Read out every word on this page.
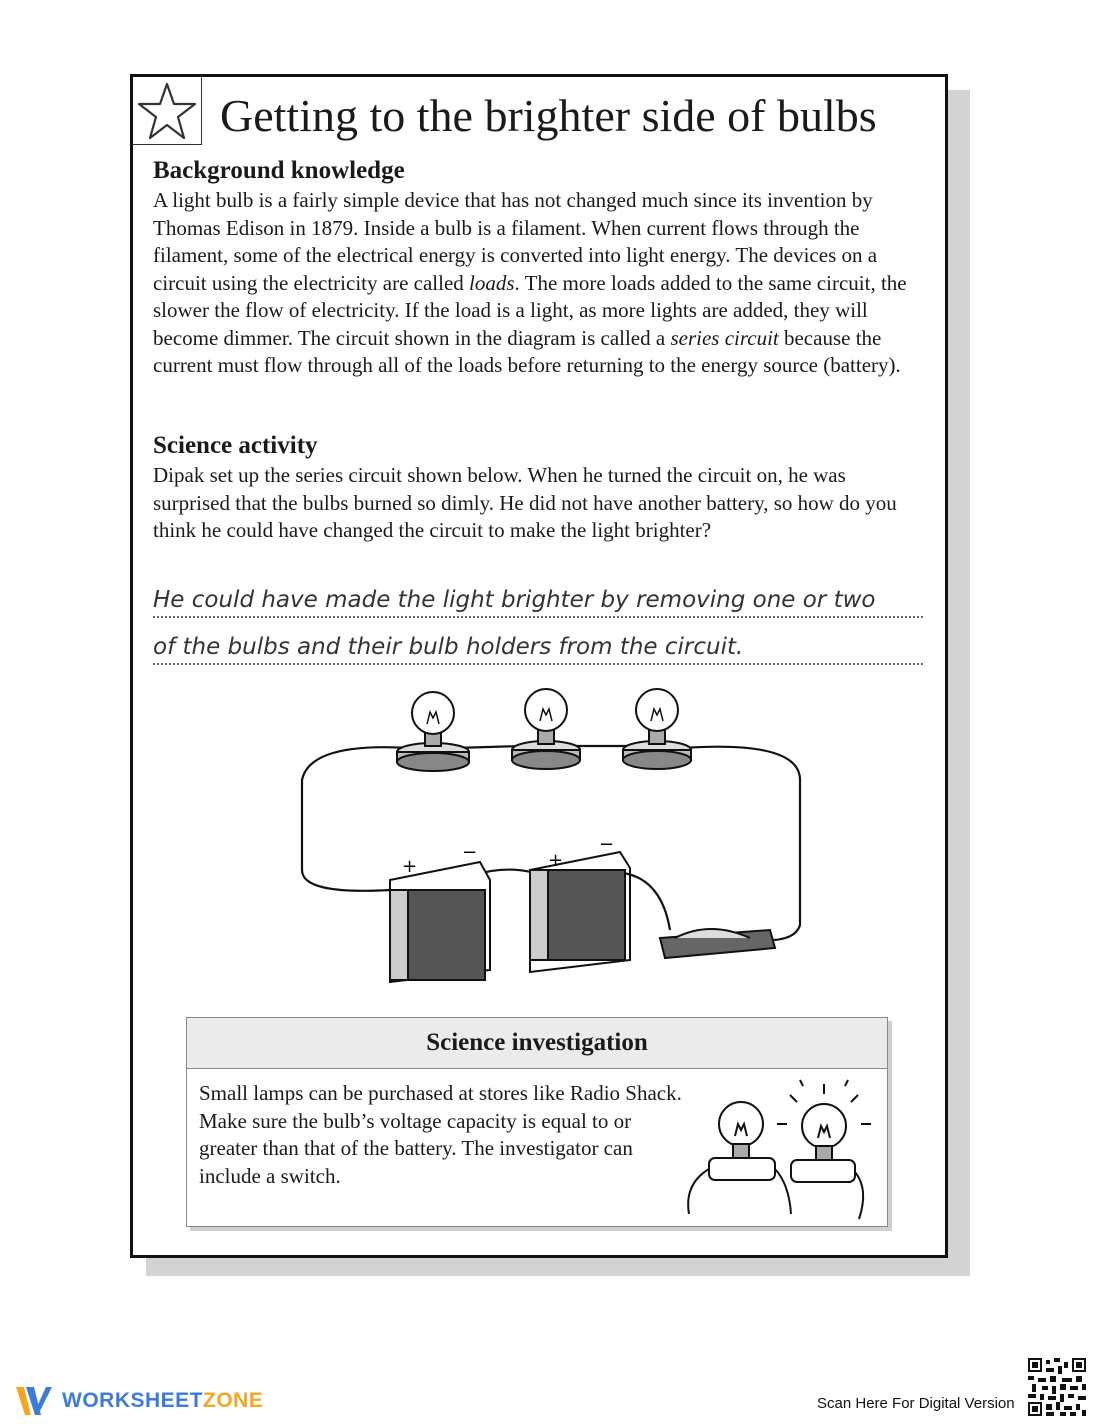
Getting to the brighter side of bulbs
Background knowledge
A light bulb is a fairly simple device that has not changed much since its invention by Thomas Edison in 1879. Inside a bulb is a filament. When current flows through the filament, some of the electrical energy is converted into light energy. The devices on a circuit using the electricity are called loads. The more loads added to the same circuit, the slower the flow of electricity. If the load is a light, as more lights are added, they will become dimmer. The circuit shown in the diagram is called a series circuit because the current must flow through all of the loads before returning to the energy source (battery).
Science activity
Dipak set up the series circuit shown below. When he turned the circuit on, he was surprised that the bulbs burned so dimly. He did not have another battery, so how do you think he could have changed the circuit to make the light brighter?
He could have made the light brighter by removing one or two
of the bulbs and their bulb holders from the circuit.
+
−	+
−
Science investigation
Small lamps can be purchased at stores like Radio Shack. Make sure the bulb’s voltage capacity is equal to or greater than that of the battery. The investigator can include a switch.
WORKSHEETZONE	Scan Here For Digital Version
